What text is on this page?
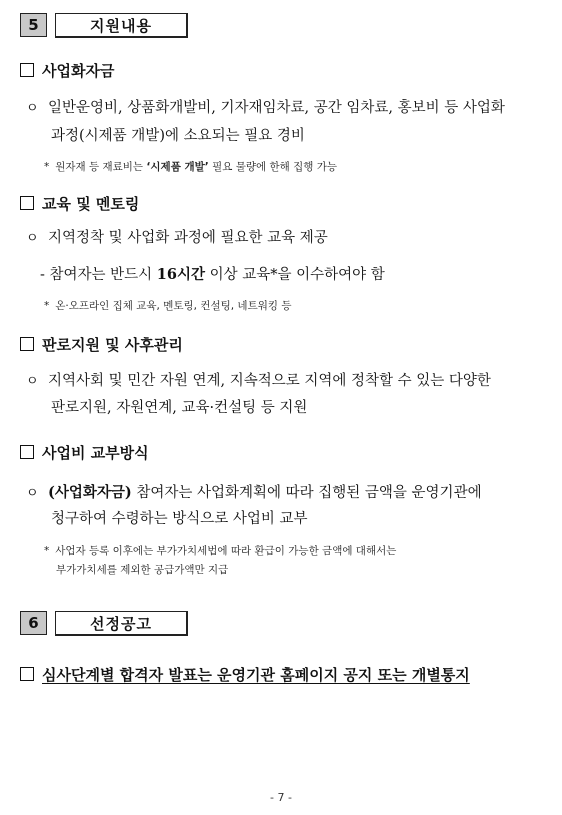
5	지원내용
사업화자금
ㅇ 일반운영비, 상품화개발비, 기자재임차료, 공간 임차료, 홍보비 등 사업화
과정(시제품 개발)에 소요되는 필요 경비
* 원자재 등 재료비는 ‘시제품 개발’ 필요 물량에 한해 집행 가능
교육 및 멘토링
ㅇ 지역정착 및 사업화 과정에 필요한 교육 제공
- 참여자는 반드시 16시간 이상 교육*을 이수하여야 함
* 온·오프라인 집체 교육, 멘토링, 컨설팅, 네트워킹 등
판로지원 및 사후관리
ㅇ 지역사회 및 민간 자원 연계, 지속적으로 지역에 정착할 수 있는 다양한
판로지원, 자원연계, 교육·컨설팅 등 지원
사업비 교부방식
ㅇ (사업화자금) 참여자는 사업화계획에 따라 집행된 금액을 운영기관에
청구하여 수령하는 방식으로 사업비 교부
* 사업자 등록 이후에는 부가가치세법에 따라 환급이 가능한 금액에 대해서는
부가가치세를 제외한 공급가액만 지급
6	선정공고
심사단계별 합격자 발표는 운영기관 홈페이지 공지 또는 개별통지
- 7 -
